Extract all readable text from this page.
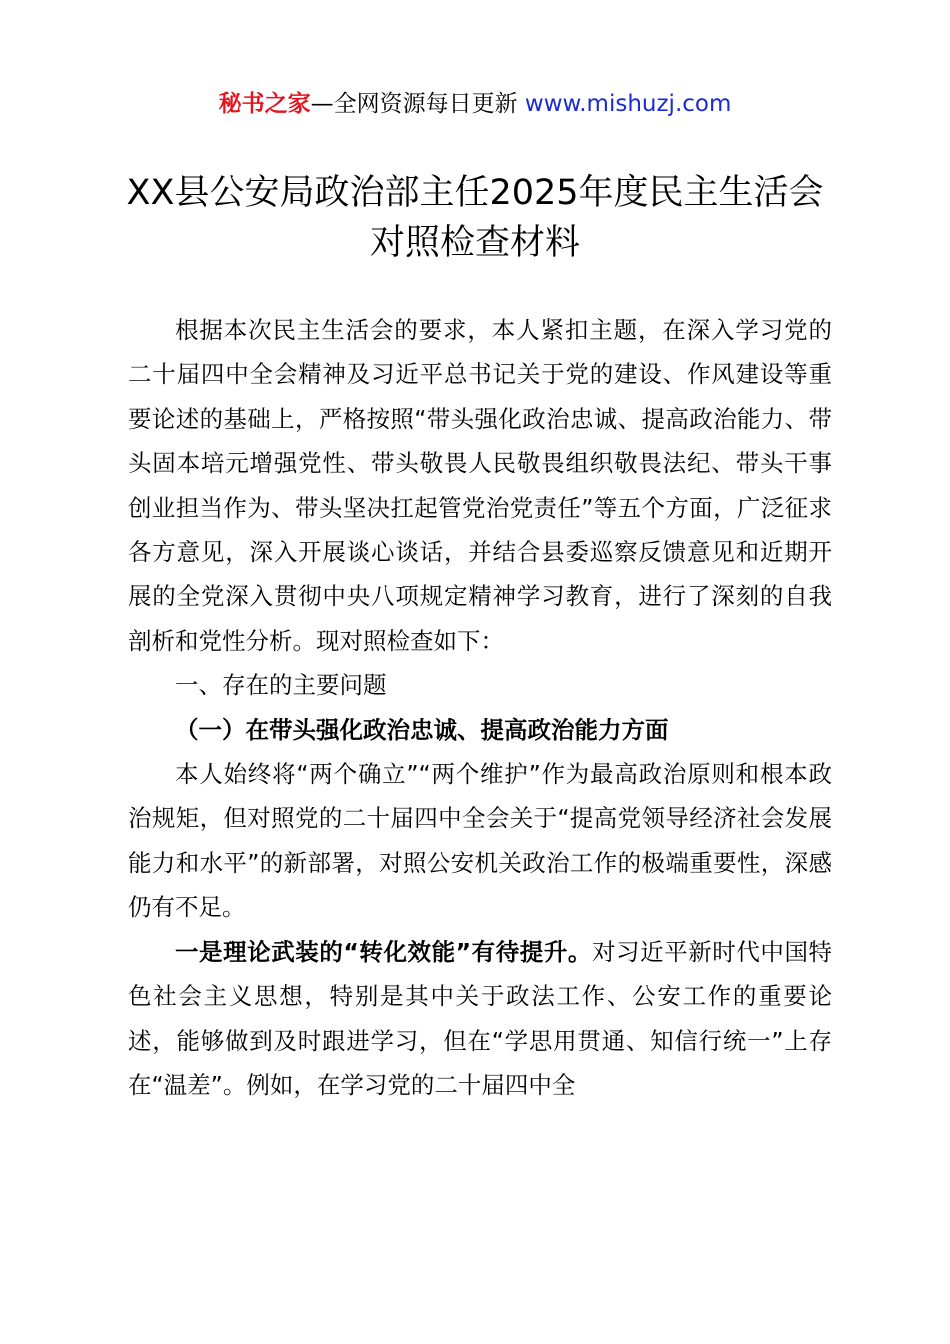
秘书之家—全网资源每日更新 www.mishuzj.com
XX县公安局政治部主任2025年度民主生活会对照检查材料

根据本次民主生活会的要求，本人紧扣主题，在深入学习党的二十届四中全会精神及习近平总书记关于党的建设、作风建设等重要论述的基础上，严格按照“带头强化政治忠诚、提高政治能力、带头固本培元增强党性、带头敬畏人民敬畏组织敬畏法纪、带头干事创业担当作为、带头坚决扛起管党治党责任”等五个方面，广泛征求各方意见，深入开展谈心谈话，并结合县委巡察反馈意见和近期开展的全党深入贯彻中央八项规定精神学习教育，进行了深刻的自我剖析和党性分析。现对照检查如下：

一、存在的主要问题

（一）在带头强化政治忠诚、提高政治能力方面

本人始终将“两个确立”“两个维护”作为最高政治原则和根本政治规矩，但对照党的二十届四中全会关于“提高党领导经济社会发展能力和水平”的新部署，对照公安机关政治工作的极端重要性，深感仍有不足。

一是理论武装的“转化效能”有待提升。对习近平新时代中国特色社会主义思想，特别是其中关于政法工作、公安工作的重要论述，能够做到及时跟进学习，但在“学思用贯通、知信行统一”上存在“温差”。例如，在学习党的二十届四中全
